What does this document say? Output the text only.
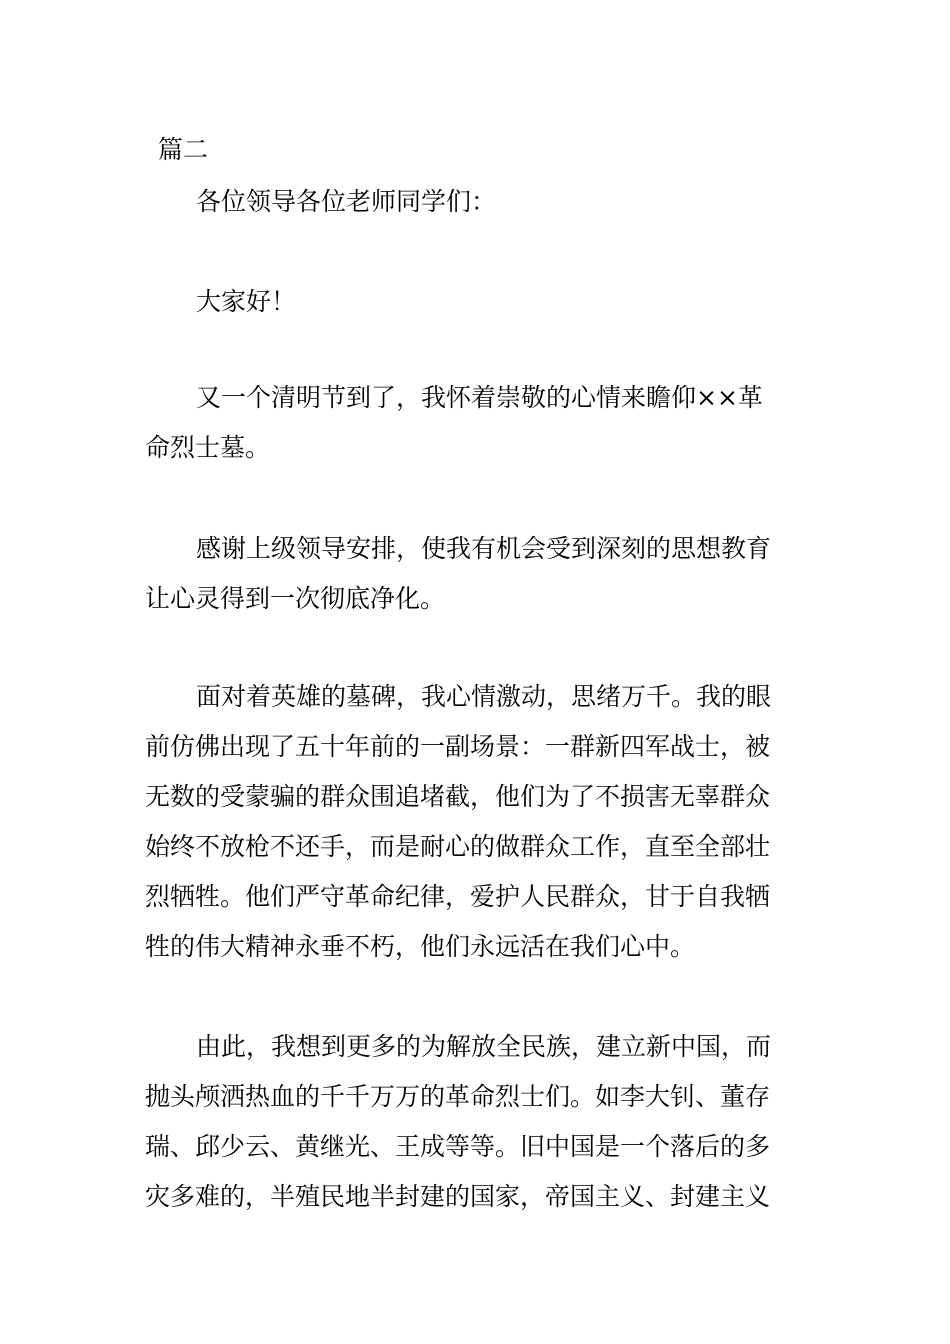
篇二
各位领导各位老师同学们：
大家好！
又一个清明节到了，我怀着崇敬的心情来瞻仰××革
命烈士墓。
感谢上级领导安排，使我有机会受到深刻的思想教育
让心灵得到一次彻底净化。
面对着英雄的墓碑，我心情激动，思绪万千。我的眼
前仿佛出现了五十年前的一副场景：一群新四军战士，被
无数的受蒙骗的群众围追堵截，他们为了不损害无辜群众
始终不放枪不还手，而是耐心的做群众工作，直至全部壮
烈牺牲。他们严守革命纪律，爱护人民群众，甘于自我牺
牲的伟大精神永垂不朽，他们永远活在我们心中。
由此，我想到更多的为解放全民族，建立新中国，而
抛头颅洒热血的千千万万的革命烈士们。如李大钊、董存
瑞、邱少云、黄继光、王成等等。旧中国是一个落后的多
灾多难的，半殖民地半封建的国家，帝国主义、封建主义
